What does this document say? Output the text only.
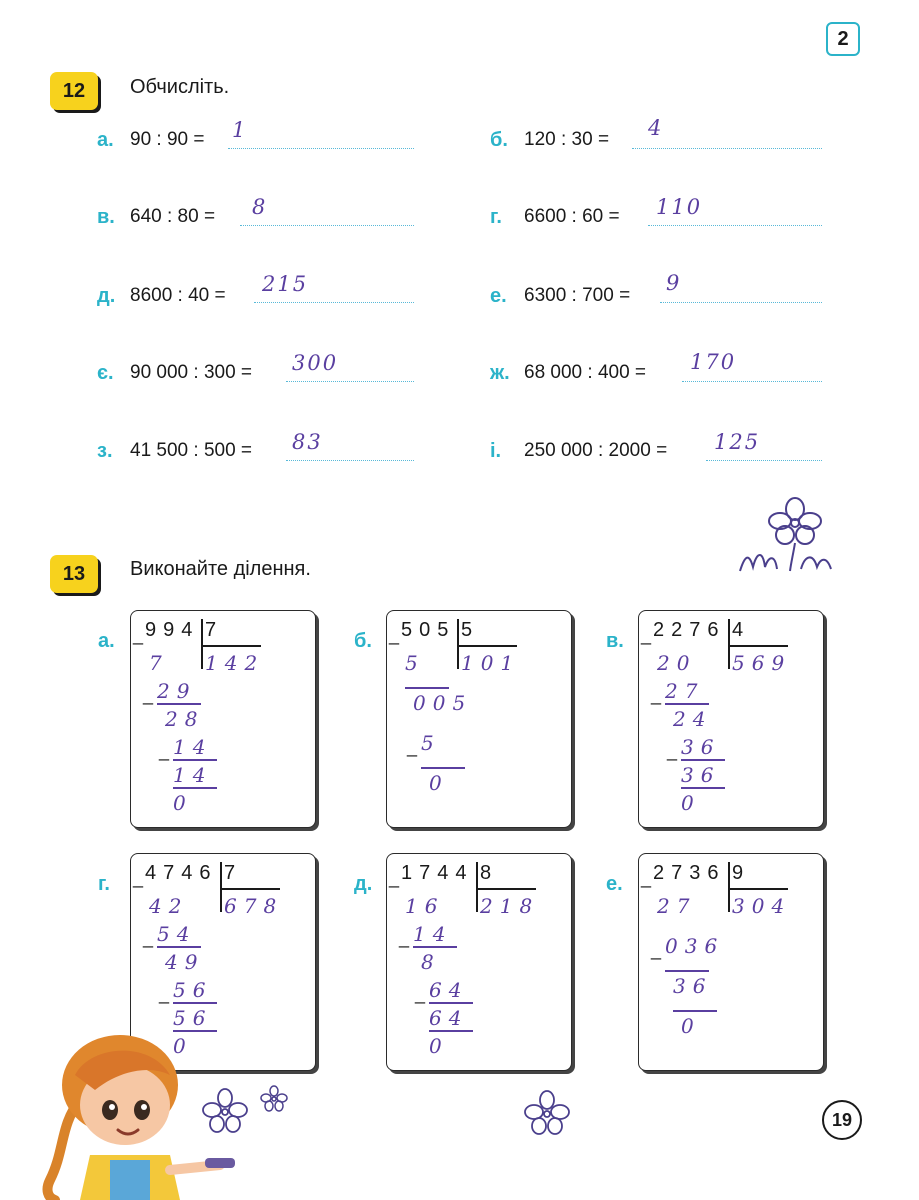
2
12	Обчисліть.
а. 90 : 90 = 1
в. 640 : 80 = 8
д. 8600 : 40 = 215
є. 90 000 : 300 = 300
з. 41 500 : 500 = 83
б. 120 : 30 = 4
г. 6600 : 60 = 110
е. 6300 : 700 =
9
ж. 68 000 : 400 = 170
і. 250 000 : 2000 = 125
13	Виконайте ділення.
а. 994
_	7
142
7
29
_
28
14
_
14
0
б. 505
_	5
101
5
005
5
_
0
в. 2276
_	4
569
20
27
_
24
36
_
36
0
г. 4746
_	7
678
42
54
_
49
56
_
56
0
д. 1744
_	8
218
16
14
_
8
64
_
64
0
е. 2736
_	9
304
27
036
_
36
0
19
